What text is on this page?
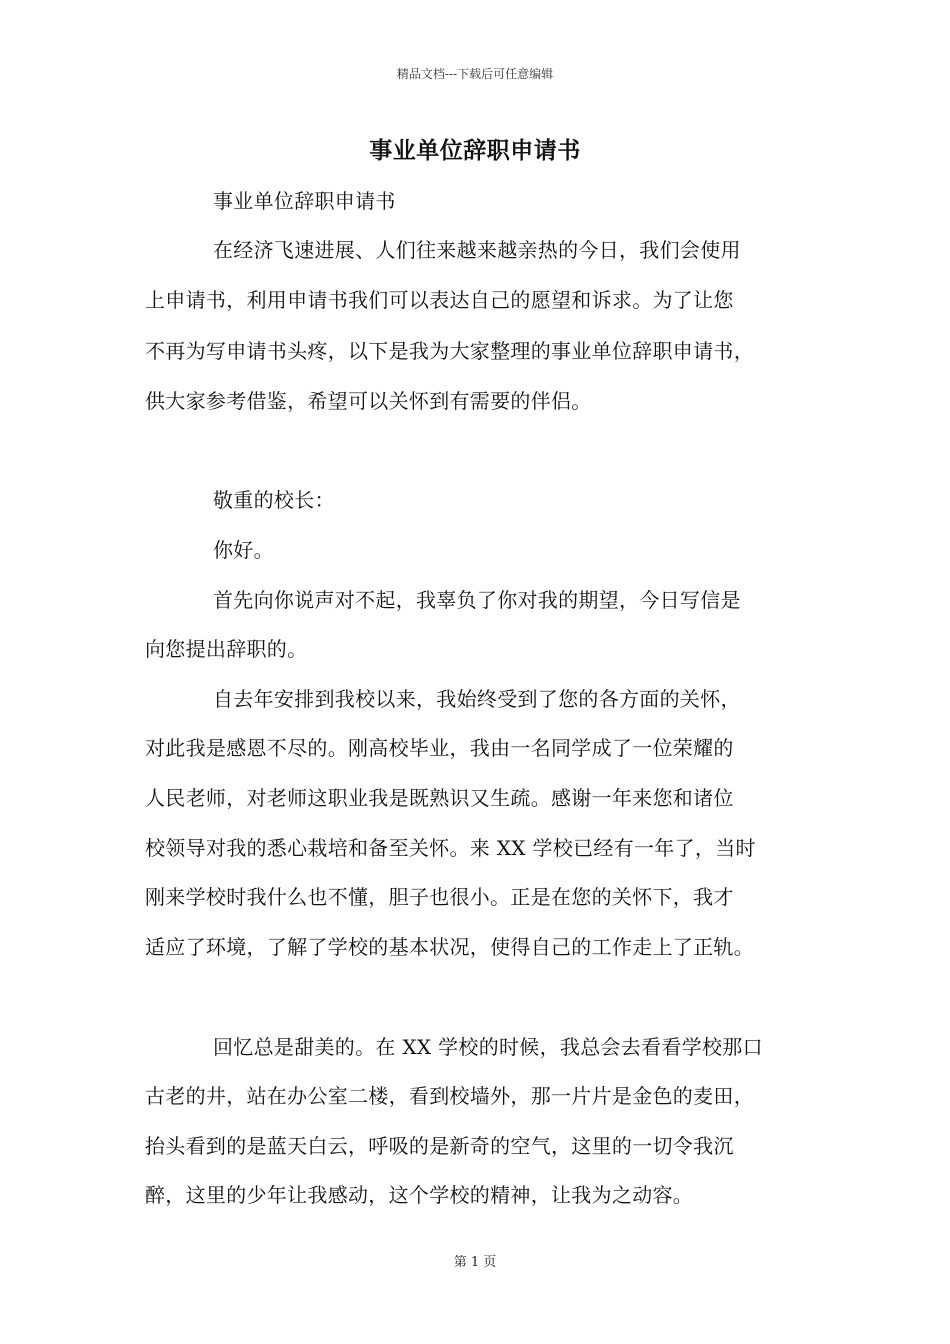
精品文档---下载后可任意编辑
事业单位辞职申请书
事业单位辞职申请书
在经济飞速进展、人们往来越来越亲热的今日，我们会使用
上申请书，利用申请书我们可以表达自己的愿望和诉求。为了让您
不再为写申请书头疼，以下是我为大家整理的事业单位辞职申请书，
供大家参考借鉴，希望可以关怀到有需要的伴侣。
敬重的校长：
你好。
首先向你说声对不起，我辜负了你对我的期望，今日写信是
向您提出辞职的。
自去年安排到我校以来，我始终受到了您的各方面的关怀，
对此我是感恩不尽的。刚高校毕业，我由一名同学成了一位荣耀的
人民老师，对老师这职业我是既熟识又生疏。感谢一年来您和诸位
校领导对我的悉心栽培和备至关怀。来 XX 学校已经有一年了，当时
刚来学校时我什么也不懂，胆子也很小。正是在您的关怀下，我才
适应了环境，了解了学校的基本状况，使得自己的工作走上了正轨。
回忆总是甜美的。在 XX 学校的时候，我总会去看看学校那口
古老的井，站在办公室二楼，看到校墙外，那一片片是金色的麦田，
抬头看到的是蓝天白云，呼吸的是新奇的空气，这里的一切令我沉
醉，这里的少年让我感动，这个学校的精神，让我为之动容。
第 1 页
